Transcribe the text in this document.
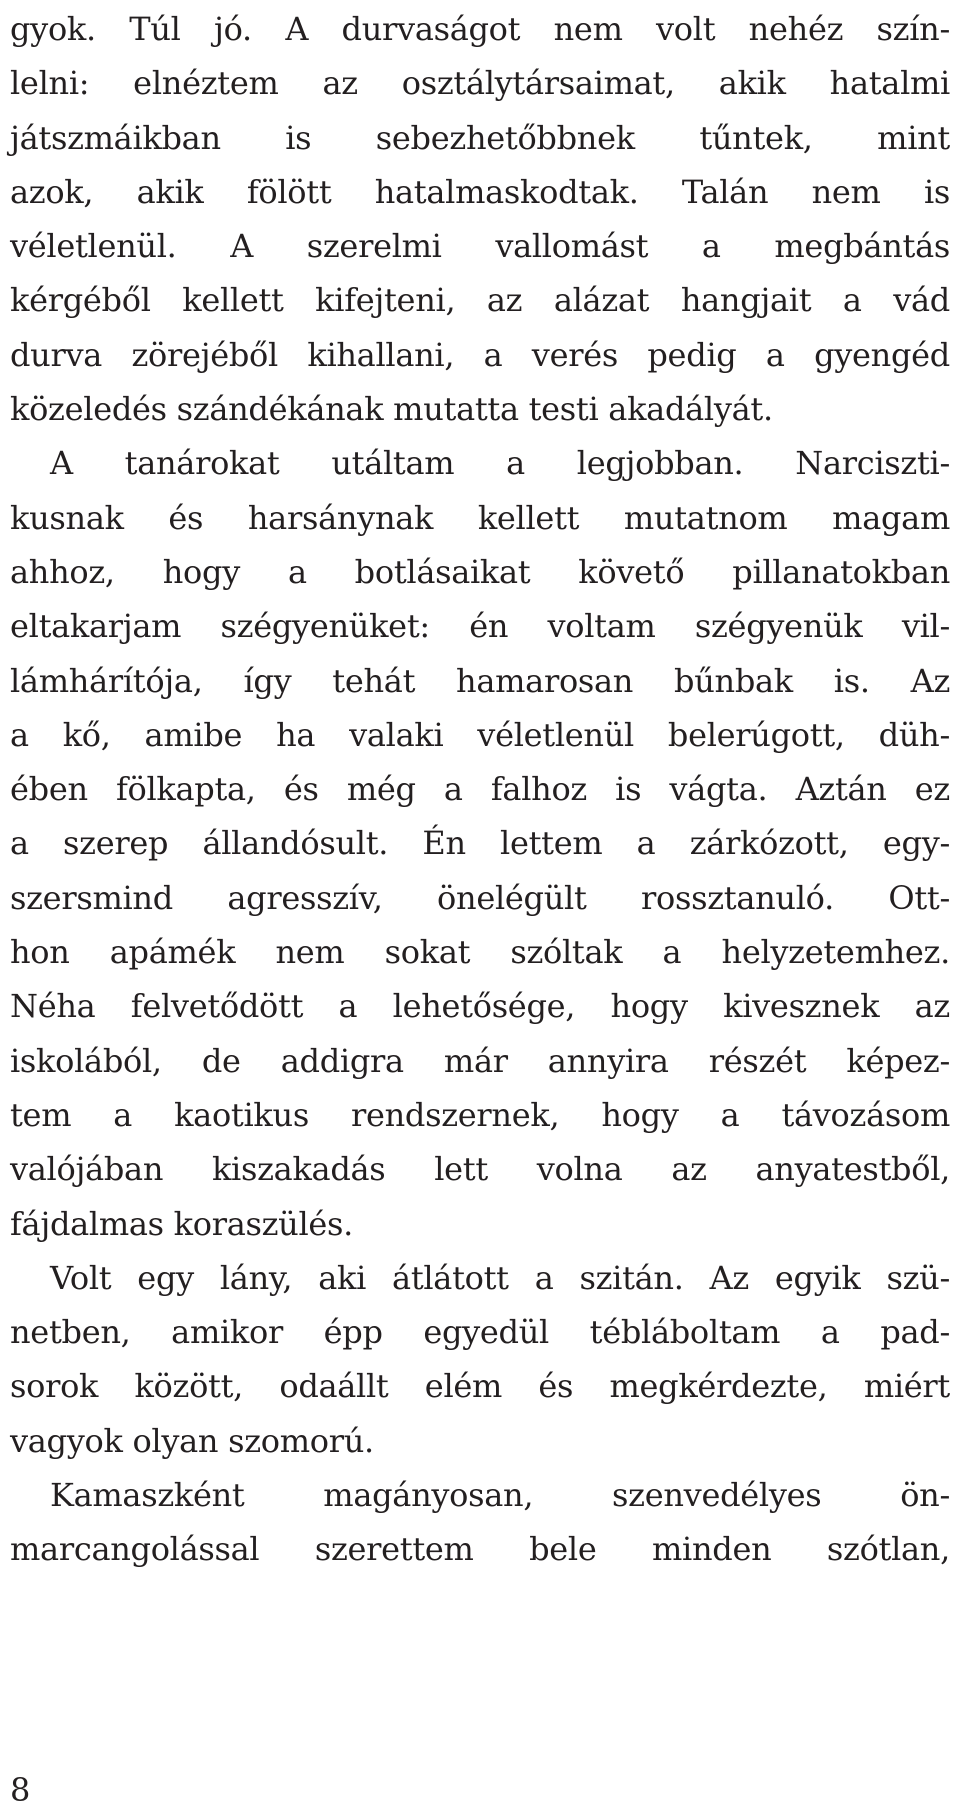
gyok. Túl jó. A durvaságot nem volt nehéz szín-
lelni: elnéztem az osztálytársaimat, akik hatalmi
játszmáikban is sebezhetőbbnek tűntek, mint
azok, akik fölött hatalmaskodtak. Talán nem is
véletlenül. A szerelmi vallomást a megbántás
kérgéből kellett kifejteni, az alázat hangjait a vád
durva zörejéből kihallani, a verés pedig a gyengéd
közeledés szándékának mutatta testi akadályát.
A tanárokat utáltam a legjobban. Narciszti-
kusnak és harsánynak kellett mutatnom magam
ahhoz, hogy a botlásaikat követő pillanatokban
eltakarjam szégyenüket: én voltam szégyenük vil-
lámhárítója, így tehát hamarosan bűnbak is. Az
a kő, amibe ha valaki véletlenül belerúgott, düh-
ében fölkapta, és még a falhoz is vágta. Aztán ez
a szerep állandósult. Én lettem a zárkózott, egy-
szersmind agresszív, önelégült rossztanuló. Ott-
hon apámék nem sokat szóltak a helyzetemhez.
Néha felvetődött a lehetősége, hogy kivesznek az
iskolából, de addigra már annyira részét képez-
tem a kaotikus rendszernek, hogy a távozásom
valójában kiszakadás lett volna az anyatestből,
fájdalmas koraszülés.
Volt egy lány, aki átlátott a szitán. Az egyik szü-
netben, amikor épp egyedül tébláboltam a pad-
sorok között, odaállt elém és megkérdezte, miért
vagyok olyan szomorú.
Kamaszként magányosan, szenvedélyes ön-
marcangolással szerettem bele minden szótlan,
8
